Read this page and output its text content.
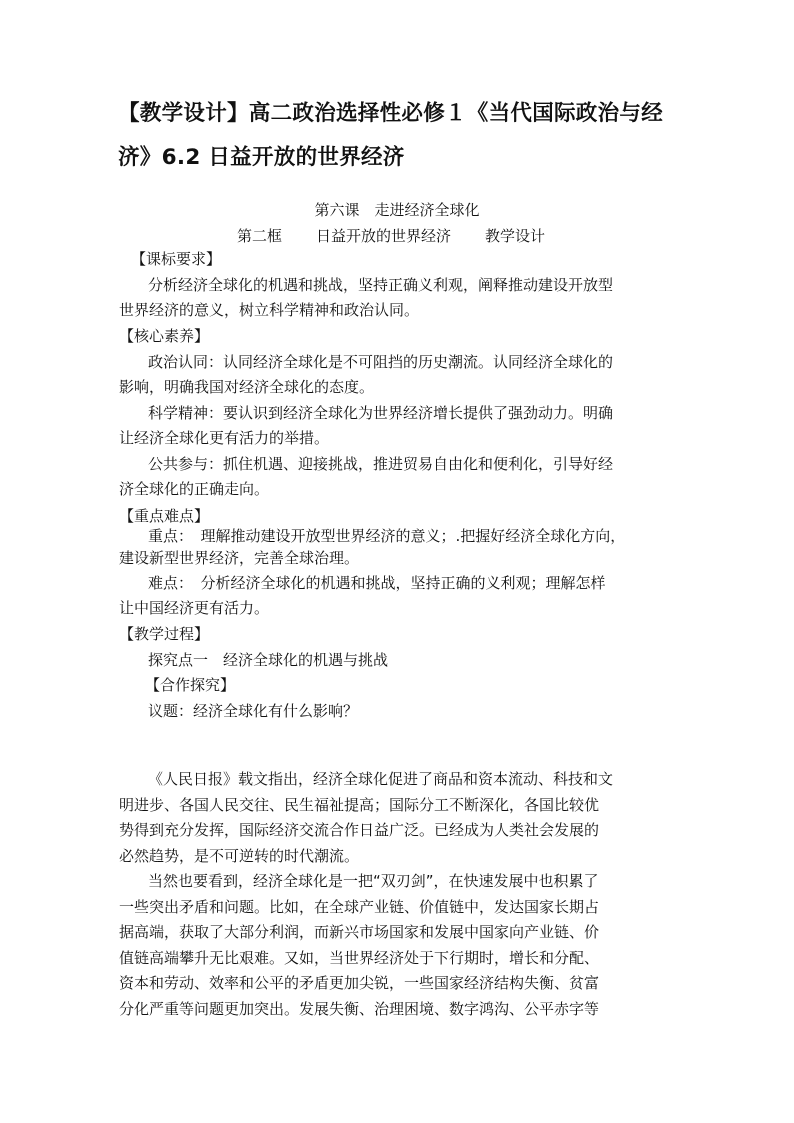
【教学设计】高二政治选择性必修１《当代国际政治与经济》6.2 日益开放的世界经济
第六课　走进经济全球化
第二框 日益开放的世界经济 教学设计
【课标要求】
分析经济全球化的机遇和挑战，坚持正确义利观，阐释推动建设开放型
世界经济的意义，树立科学精神和政治认同。
【核心素养】
政治认同：认同经济全球化是不可阻挡的历史潮流。认同经济全球化的
影响，明确我国对经济全球化的态度。
科学精神：要认识到经济全球化为世界经济增长提供了强劲动力。明确
让经济全球化更有活力的举措。
公共参与：抓住机遇、迎接挑战，推进贸易自由化和便利化，引导好经
济全球化的正确走向。
【重点难点】
重点：　理解推动建设开放型世界经济的意义；.把握好经济全球化方向，
建设新型世界经济，完善全球治理。
难点：　分析经济全球化的机遇和挑战，坚持正确的义利观；理解怎样
让中国经济更有活力。
【教学过程】
探究点一　经济全球化的机遇与挑战
【合作探究】
议题：经济全球化有什么影响？
《人民日报》载文指出，经济全球化促进了商品和资本流动、科技和文
明进步、各国人民交往、民生福祉提高；国际分工不断深化，各国比较优
势得到充分发挥，国际经济交流合作日益广泛。已经成为人类社会发展的
必然趋势，是不可逆转的时代潮流。
当然也要看到，经济全球化是一把“双刃剑”，在快速发展中也积累了
一些突出矛盾和问题。比如，在全球产业链、价值链中，发达国家长期占
据高端，获取了大部分利润，而新兴市场国家和发展中国家向产业链、价
值链高端攀升无比艰难。又如，当世界经济处于下行期时，增长和分配、
资本和劳动、效率和公平的矛盾更加尖锐，一些国家经济结构失衡、贫富
分化严重等问题更加突出。发展失衡、治理困境、数字鸿沟、公平赤字等
